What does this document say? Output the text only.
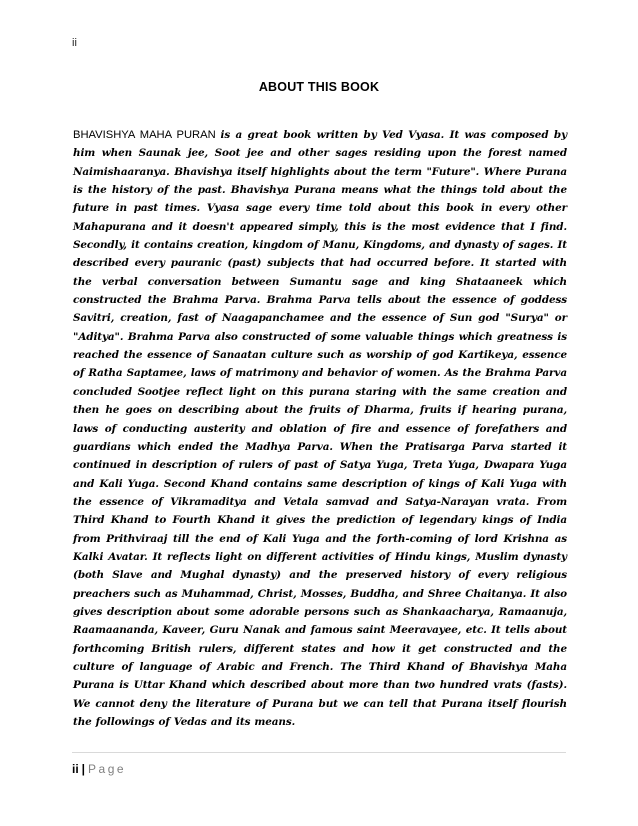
ii
ABOUT THIS BOOK

BHAVISHYA MAHA PURAN is a great book written by Ved Vyasa. It was composed by him when Saunak jee, Soot jee and other sages residing upon the forest named Naimishaaranya. Bhavishya itself highlights about the term "Future". Where Purana is the history of the past. Bhavishya Purana means what the things told about the future in past times. Vyasa sage every time told about this book in every other Mahapurana and it doesn't appeared simply, this is the most evidence that I find. Secondly, it contains creation, kingdom of Manu, Kingdoms, and dynasty of sages. It described every pauranic (past) subjects that had occurred before. It started with the verbal conversation between Sumantu sage and king Shataaneek which constructed the Brahma Parva. Brahma Parva tells about the essence of goddess Savitri, creation, fast of Naagapanchamee and the essence of Sun god "Surya" or "Aditya". Brahma Parva also constructed of some valuable things which greatness is reached the essence of Sanaatan culture such as worship of god Kartikeya, essence of Ratha Saptamee, laws of matrimony and behavior of women. As the Brahma Parva concluded Sootjee reflect light on this purana staring with the same creation and then he goes on describing about the fruits of Dharma, fruits if hearing purana, laws of conducting austerity and oblation of fire and essence of forefathers and guardians which ended the Madhya Parva. When the Pratisarga Parva started it continued in description of rulers of past of Satya Yuga, Treta Yuga, Dwapara Yuga and Kali Yuga. Second Khand contains same description of kings of Kali Yuga with the essence of Vikramaditya and Vetala samvad and Satya-Narayan vrata. From Third Khand to Fourth Khand it gives the prediction of legendary kings of India from Prithviraaj till the end of Kali Yuga and the forth-coming of lord Krishna as Kalki Avatar. It reflects light on different activities of Hindu kings, Muslim dynasty (both Slave and Mughal dynasty) and the preserved history of every religious preachers such as Muhammad, Christ, Mosses, Buddha, and Shree Chaitanya. It also gives description about some adorable persons such as Shankaacharya, Ramaanuja, Raamaananda, Kaveer, Guru Nanak and famous saint Meeravayee, etc. It tells about forthcoming British rulers, different states and how it get constructed and the culture of language of Arabic and French. The Third Khand of Bhavishya Maha Purana is Uttar Khand which described about more than two hundred vrats (fasts). We cannot deny the literature of Purana but we can tell that Purana itself flourish the followings of Vedas and its means.

ii | Page
